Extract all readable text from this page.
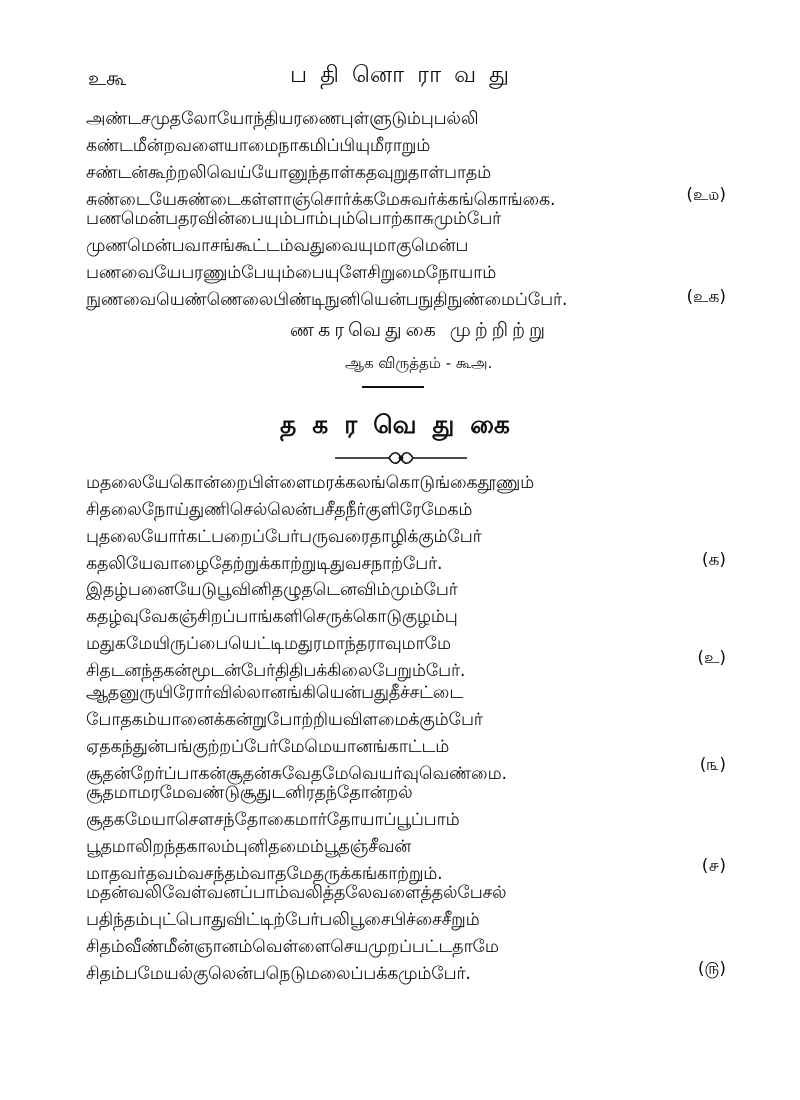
உகூ	பதினொராவது
அண்டசமுதலோயோந்தியரணைபுள்ளுடும்புபல்லி
கண்டமீன்றவளையாமைநாகமிப்பியுமீராறும்
சண்டன்கூற்றலிவெய்யோனுந்தாள்கதவுறுதாள்பாதம்
சுண்டையேசுண்டைகள்ளாஞ்சொர்க்கமேசுவர்க்கங்கொங்கை.	(உ௰)
பணமென்பதரவின்பையும்பாம்பும்பொற்காசுமும்பேர்
முணமென்பவாசங்கூட்டம்வதுவையுமாகுமென்ப
பணவையேபரணும்பேயும்பையுளேசிறுமைநோயாம்
நுணவையெண்ணெலைபிண்டிநுனியென்பநுதிநுண்மைப்பேர்.	(உக)
ணகரவெதுகை முற்றிற்று
ஆக விருத்தம் - கூஅ.
தகரவெதுகை
மதலையேகொன்றைபிள்ளைமரக்கலங்கொடுங்கைதூணும்
சிதலைநோய்துணிசெல்லென்பசீதநீர்குளிரேமேகம்
புதலையோர்கட்பறைப்பேர்பருவரைதாழிக்கும்பேர்
கதலியேவாழைதேற்றுக்காற்றுடிதுவசநாற்பேர்.	(க)
இதழ்பனையேடுபூவினிதழுதடெனவிம்மும்பேர்
கதழ்வுவேகஞ்சிறப்பாங்களிசெருக்கொடுகுழம்பு
மதுகமேயிருப்பையெட்டிமதுரமாந்தராவுமாமே
சிதடனந்தகன்மூடன்பேர்திதிபக்கிலைபேறும்பேர்.
(உ)
ஆதனுருயிரோர்வில்லானங்கியென்பதுதீச்சட்டை
போதகம்யானைக்கன்றுபோற்றியவிளமைக்கும்பேர்
ஏதகந்துன்பங்குற்றப்பேர்மேமெயானங்காட்டம்
சூதன்றேர்ப்பாகன்சூதன்சுவேதமேவெயர்வுவெண்மை.	(௩)
சூதமாமரமேவண்டுசூதுடனிரதந்தோன்றல்
சூதகமேயாசௌசந்தோகைமார்தோயாப்பூப்பாம்
பூதமாலிறந்தகாலம்புனிதமைம்பூதஞ்சீவன்
மாதவர்தவம்வசந்தம்வாதமேதருக்கங்காற்றும்.	(௪)
மதன்வலிவேள்வனப்பாம்வலித்தலேவளைத்தல்பேசல்
பதிந்தம்புட்பொதுவிட்டிற்பேர்பலிபூசைபிச்சைசீறும்
சிதம்வீண்மீன்ஞானம்வெள்ளைசெயமுறப்பட்டதாமே
சிதம்பமேயல்குலென்பநெடுமலைப்பக்கமும்பேர்.	(௫)
